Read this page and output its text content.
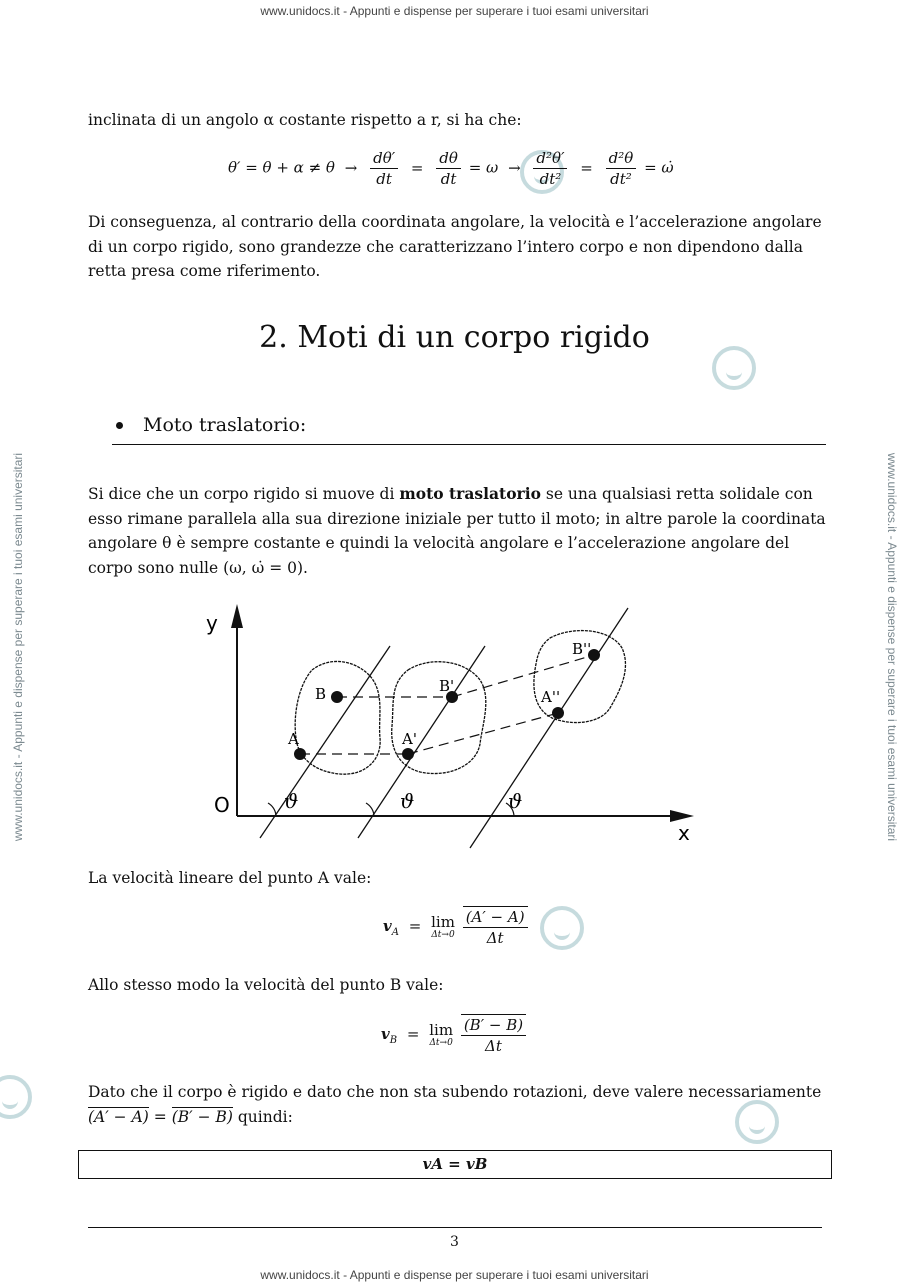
www.unidocs.it - Appunti e dispense per superare i tuoi esami universitari
www.unidocs.it - Appunti e dispense per superare i tuoi esami universitari
www.unidocs.it - Appunti e dispense per superare i tuoi esami universitari	www.unidocs.it - Appunti e dispense per superare i tuoi esami universitari
inclinata di un angolo α costante rispetto a r, si ha che:
$\theta' = \theta + \alpha \ne \theta \to \frac{d\theta'}{dt} = \frac{d\theta}{dt} = \omega \to \frac{\text{d²θ′}}{\text{dt²}} = \frac{\text{d²θ}}{\text{dt²}}$ = ω̇
Di conseguenza, al contrario della coordinata angolare, la velocità e l’accelerazione angolare di un corpo rigido, sono grandezze che caratterizzano l’intero corpo e non dipendono dalla retta presa come riferimento.
2. Moti di un corpo rigido
Moto traslatorio:
Si dice che un corpo rigido si muove di moto traslatorio se una qualsiasi retta solidale con esso rimane parallela alla sua direzione iniziale per tutto il moto; in altre parole la coordinata angolare θ è sempre costante e quindi la velocità angolare e l’accelerazione angolare del corpo sono nulle (ω, ω̇ = 0).
y
x
O
A
B
A'
B'
A''
B''
ϑ	ϑ	ϑ
La velocità lineare del punto A vale:
$v_A = \lim$
Δt→0
$\frac{(A' - A)}{\Delta t}$
Allo stesso modo la velocità del punto B vale:
$v_B = \lim$
Δt→0
$\frac{(B' - B)}{\Delta t}$
Dato che il corpo è rigido e dato che non sta subendo rotazioni, deve valere necessariamente
(A′ − A) = (B′ − B) quindi:
vA = vB
3
